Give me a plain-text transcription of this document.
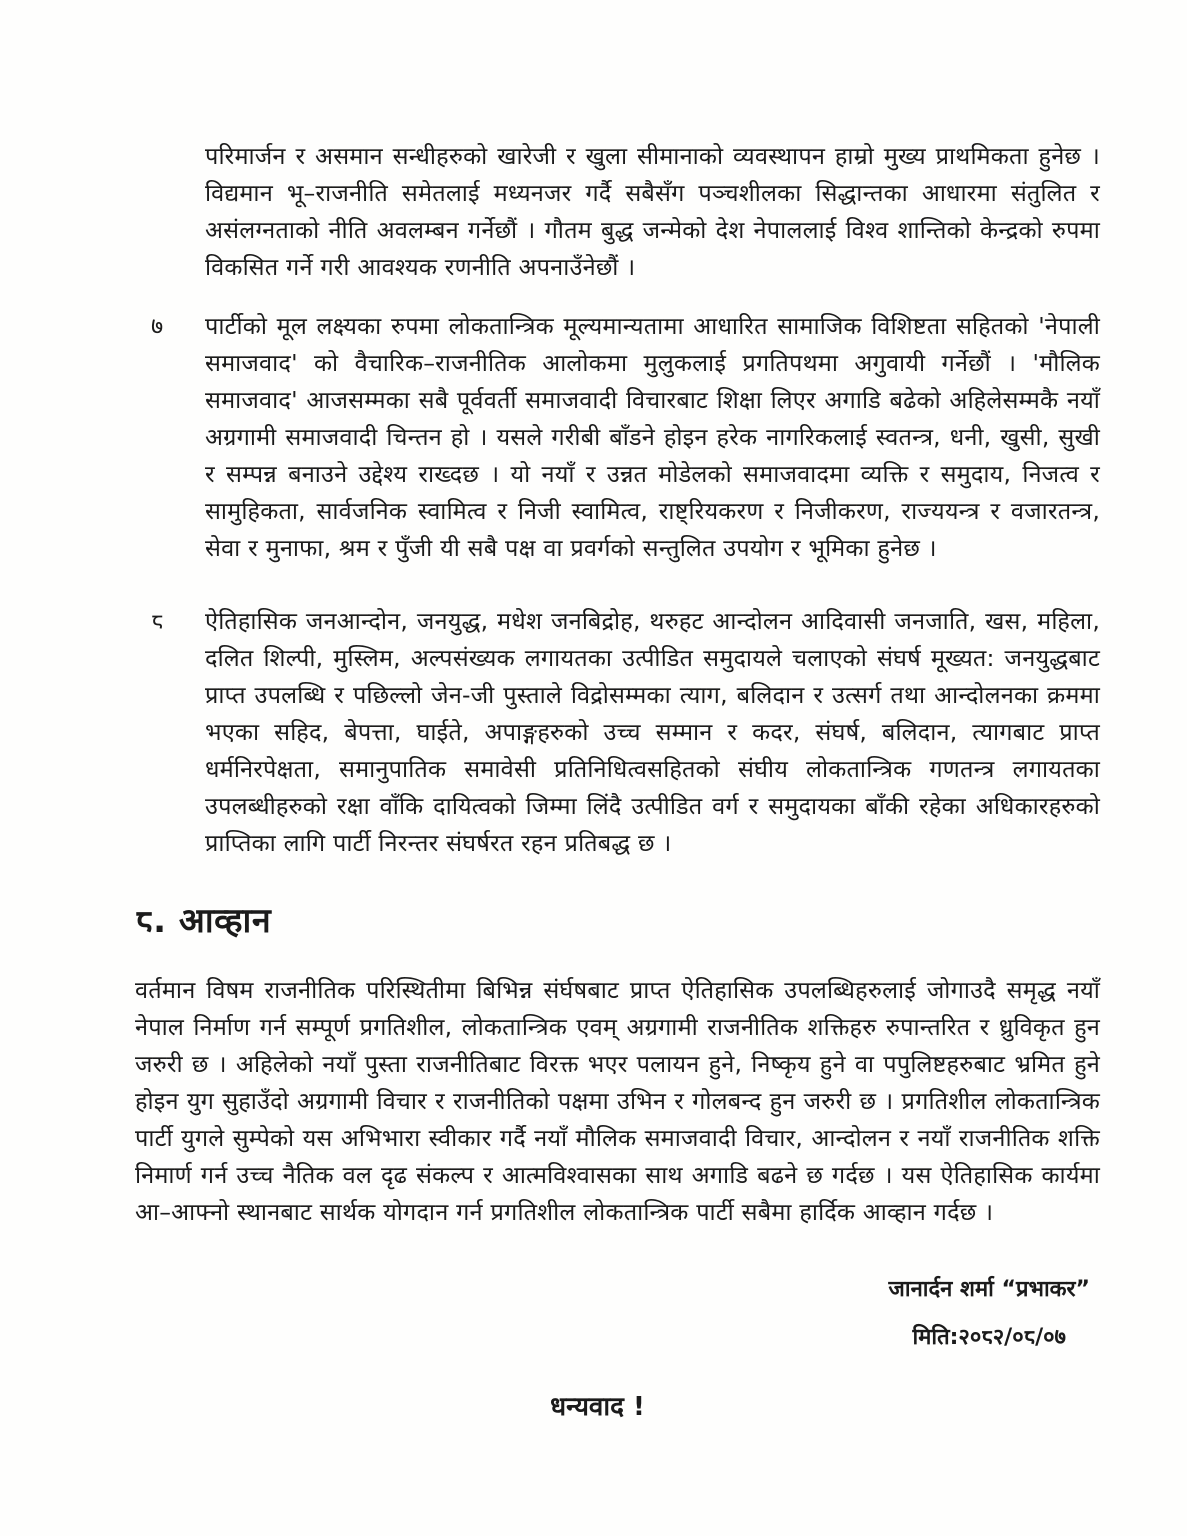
परिमार्जन र असमान सन्धीहरुको खारेजी र खुला सीमानाको व्यवस्थापन हाम्रो मुख्य प्राथमिकता हुनेछ । विद्यमान भू–राजनीति समेतलाई मध्यनजर गर्दै सबैसँग पञ्चशीलका सिद्धान्तका आधारमा संतुलित र असंलग्नताको नीति अवलम्बन गर्नेछौं । गौतम बुद्ध जन्मेको देश नेपाललाई विश्व शान्तिको केन्द्रको रुपमा विकसित गर्ने गरी आवश्यक रणनीति अपनाउँनेछौं ।

७	पार्टीको मूल लक्ष्यका रुपमा लोकतान्त्रिक मूल्यमान्यतामा आधारित सामाजिक विशिष्टता सहितको 'नेपाली समाजवाद' को वैचारिक–राजनीतिक आलोकमा मुलुकलाई प्रगतिपथमा अगुवायी गर्नेछौं । 'मौलिक समाजवाद' आजसम्मका सबै पूर्ववर्ती समाजवादी विचारबाट शिक्षा लिएर अगाडि बढेको अहिलेसम्मकै नयाँ अग्रगामी समाजवादी चिन्तन हो । यसले गरीबी बाँडने होइन हरेक नागरिकलाई स्वतन्त्र, धनी, खुसी, सुखी र सम्पन्न बनाउने उद्देश्य राख्दछ । यो नयाँ र उन्नत मोडेलको समाजवादमा व्यक्ति र समुदाय, निजत्व र सामुहिकता, सार्वजनिक स्वामित्व र निजी स्वामित्व, राष्ट्रियकरण र निजीकरण, राज्ययन्त्र र वजारतन्त्र, सेवा र मुनाफा, श्रम र पुँजी यी सबै पक्ष वा प्रवर्गको सन्तुलित उपयोग र भूमिका हुनेछ ।
८	ऐतिहासिक जनआन्दोन, जनयुद्ध, मधेश जनबिद्रोह, थरुहट आन्दोलन आदिवासी जनजाति, खस, महिला, दलित शिल्पी, मुस्लिम, अल्पसंख्यक लगायतका उत्पीडित समुदायले चलाएको संघर्ष मूख्यत: जनयुद्धबाट प्राप्त उपलब्धि र पछिल्लो जेन-जी पुस्ताले विद्रोसम्मका त्याग, बलिदान र उत्सर्ग तथा आन्दोलनका क्रममा भएका सहिद, बेपत्ता, घाईते, अपाङ्गहरुको उच्च सम्मान र कदर, संघर्ष, बलिदान, त्यागबाट प्राप्त धर्मनिरपेक्षता, समानुपातिक समावेसी प्रतिनिधित्वसहितको संघीय लोकतान्त्रिक गणतन्त्र लगायतका उपलब्धीहरुको रक्षा वाँकि दायित्वको जिम्मा लिंदै उत्पीडित वर्ग र समुदायका बाँकी रहेका अधिकारहरुको प्राप्तिका लागि पार्टी निरन्तर संघर्षरत रहन प्रतिबद्ध छ ।
८. आव्हान

वर्तमान विषम राजनीतिक परिस्थितीमा बिभिन्न संर्घषबाट प्राप्त ऐतिहासिक उपलब्धिहरुलाई जोगाउदै समृद्ध नयाँ नेपाल निर्माण गर्न सम्पूर्ण प्रगतिशील, लोकतान्त्रिक एवम् अग्रगामी राजनीतिक शक्तिहरु रुपान्तरित र ध्रुविकृत हुन जरुरी छ । अहिलेको नयाँ पुस्ता राजनीतिबाट विरक्त भएर पलायन हुने, निष्कृय हुने वा पपुलिष्टहरुबाट भ्रमित हुने होइन युग सुहाउँदो अग्रगामी विचार र राजनीतिको पक्षमा उभिन र गोलबन्द हुन जरुरी छ । प्रगतिशील लोकतान्त्रिक पार्टी युगले सुम्पेको यस अभिभारा स्वीकार गर्दै नयाँ मौलिक समाजवादी विचार, आन्दोलन र नयाँ राजनीतिक शक्ति निमार्ण गर्न उच्च नैतिक वल दृढ संकल्प र आत्मविश्वासका साथ अगाडि बढने छ गर्दछ । यस ऐतिहासिक कार्यमा आ–आफ्नो स्थानबाट सार्थक योगदान गर्न प्रगतिशील लोकतान्त्रिक पार्टी सबैमा हार्दिक आव्हान गर्दछ ।

जानार्दन शर्मा “प्रभाकर”
मिति:२०८२/०८/०७
धन्यवाद !
